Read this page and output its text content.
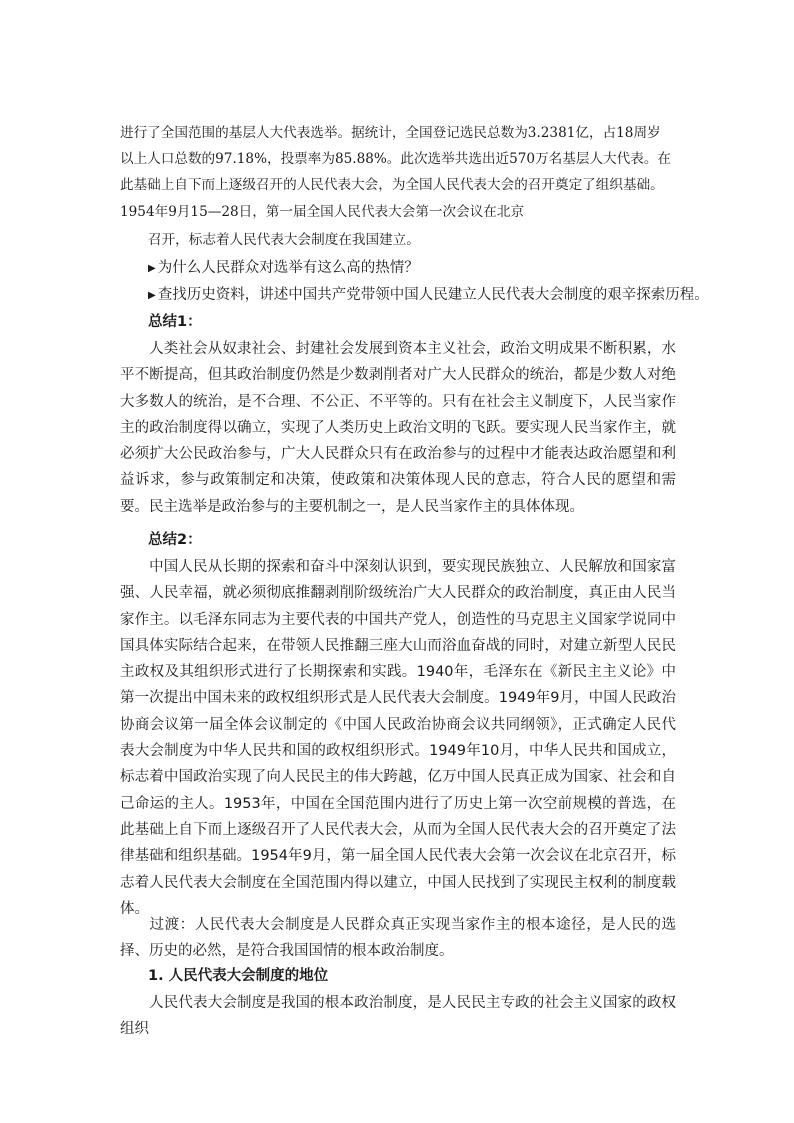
进行了全国范围的基层人大代表选举。据统计，全国登记选民总数为3.2381亿，占18周岁
以上人口总数的97.18%，投票率为85.88%。此次选举共选出近570万名基层人大代表。在
此基础上自下而上逐级召开的人民代表大会，为全国人民代表大会的召开奠定了组织基础。
1954年9月15—28日，第一届全国人民代表大会第一次会议在北京
召开，标志着人民代表大会制度在我国建立。
▶ 为什么人民群众对选举有这么高的热情？
▶ 查找历史资料，讲述中国共产党带领中国人民建立人民代表大会制度的艰辛探索历程。
总结1：
人类社会从奴隶社会、封建社会发展到资本主义社会，政治文明成果不断积累，水平不断提高，但其政治制度仍然是少数剥削者对广大人民群众的统治，都是少数人对绝大多数人的统治，是不合理、不公正、不平等的。只有在社会主义制度下，人民当家作主的政治制度得以确立，实现了人类历史上政治文明的飞跃。要实现人民当家作主，就必须扩大公民政治参与，广大人民群众只有在政治参与的过程中才能表达政治愿望和利益诉求，参与政策制定和决策，使政策和决策体现人民的意志，符合人民的愿望和需要。民主选举是政治参与的主要机制之一，是人民当家作主的具体体现。
总结2：
中国人民从长期的探索和奋斗中深刻认识到，要实现民族独立、人民解放和国家富强、人民幸福，就必须彻底推翻剥削阶级统治广大人民群众的政治制度，真正由人民当家作主。以毛泽东同志为主要代表的中国共产党人，创造性的马克思主义国家学说同中国具体实际结合起来，在带领人民推翻三座大山而浴血奋战的同时，对建立新型人民民主政权及其组织形式进行了长期探索和实践。1940年，毛泽东在《新民主主义论》中第一次提出中国未来的政权组织形式是人民代表大会制度。1949年9月，中国人民政治协商会议第一届全体会议制定的《中国人民政治协商会议共同纲领》，正式确定人民代表大会制度为中华人民共和国的政权组织形式。1949年10月，中华人民共和国成立，标志着中国政治实现了向人民民主的伟大跨越，亿万中国人民真正成为国家、社会和自己命运的主人。1953年，中国在全国范围内进行了历史上第一次空前规模的普选，在此基础上自下而上逐级召开了人民代表大会，从而为全国人民代表大会的召开奠定了法律基础和组织基础。1954年9月，第一届全国人民代表大会第一次会议在北京召开，标志着人民代表大会制度在全国范围内得以建立，中国人民找到了实现民主权利的制度载体。
过渡：人民代表大会制度是人民群众真正实现当家作主的根本途径，是人民的选择、历史的必然，是符合我国国情的根本政治制度。
1. 人民代表大会制度的地位
人民代表大会制度是我国的根本政治制度，是人民民主专政的社会主义国家的政权组织
